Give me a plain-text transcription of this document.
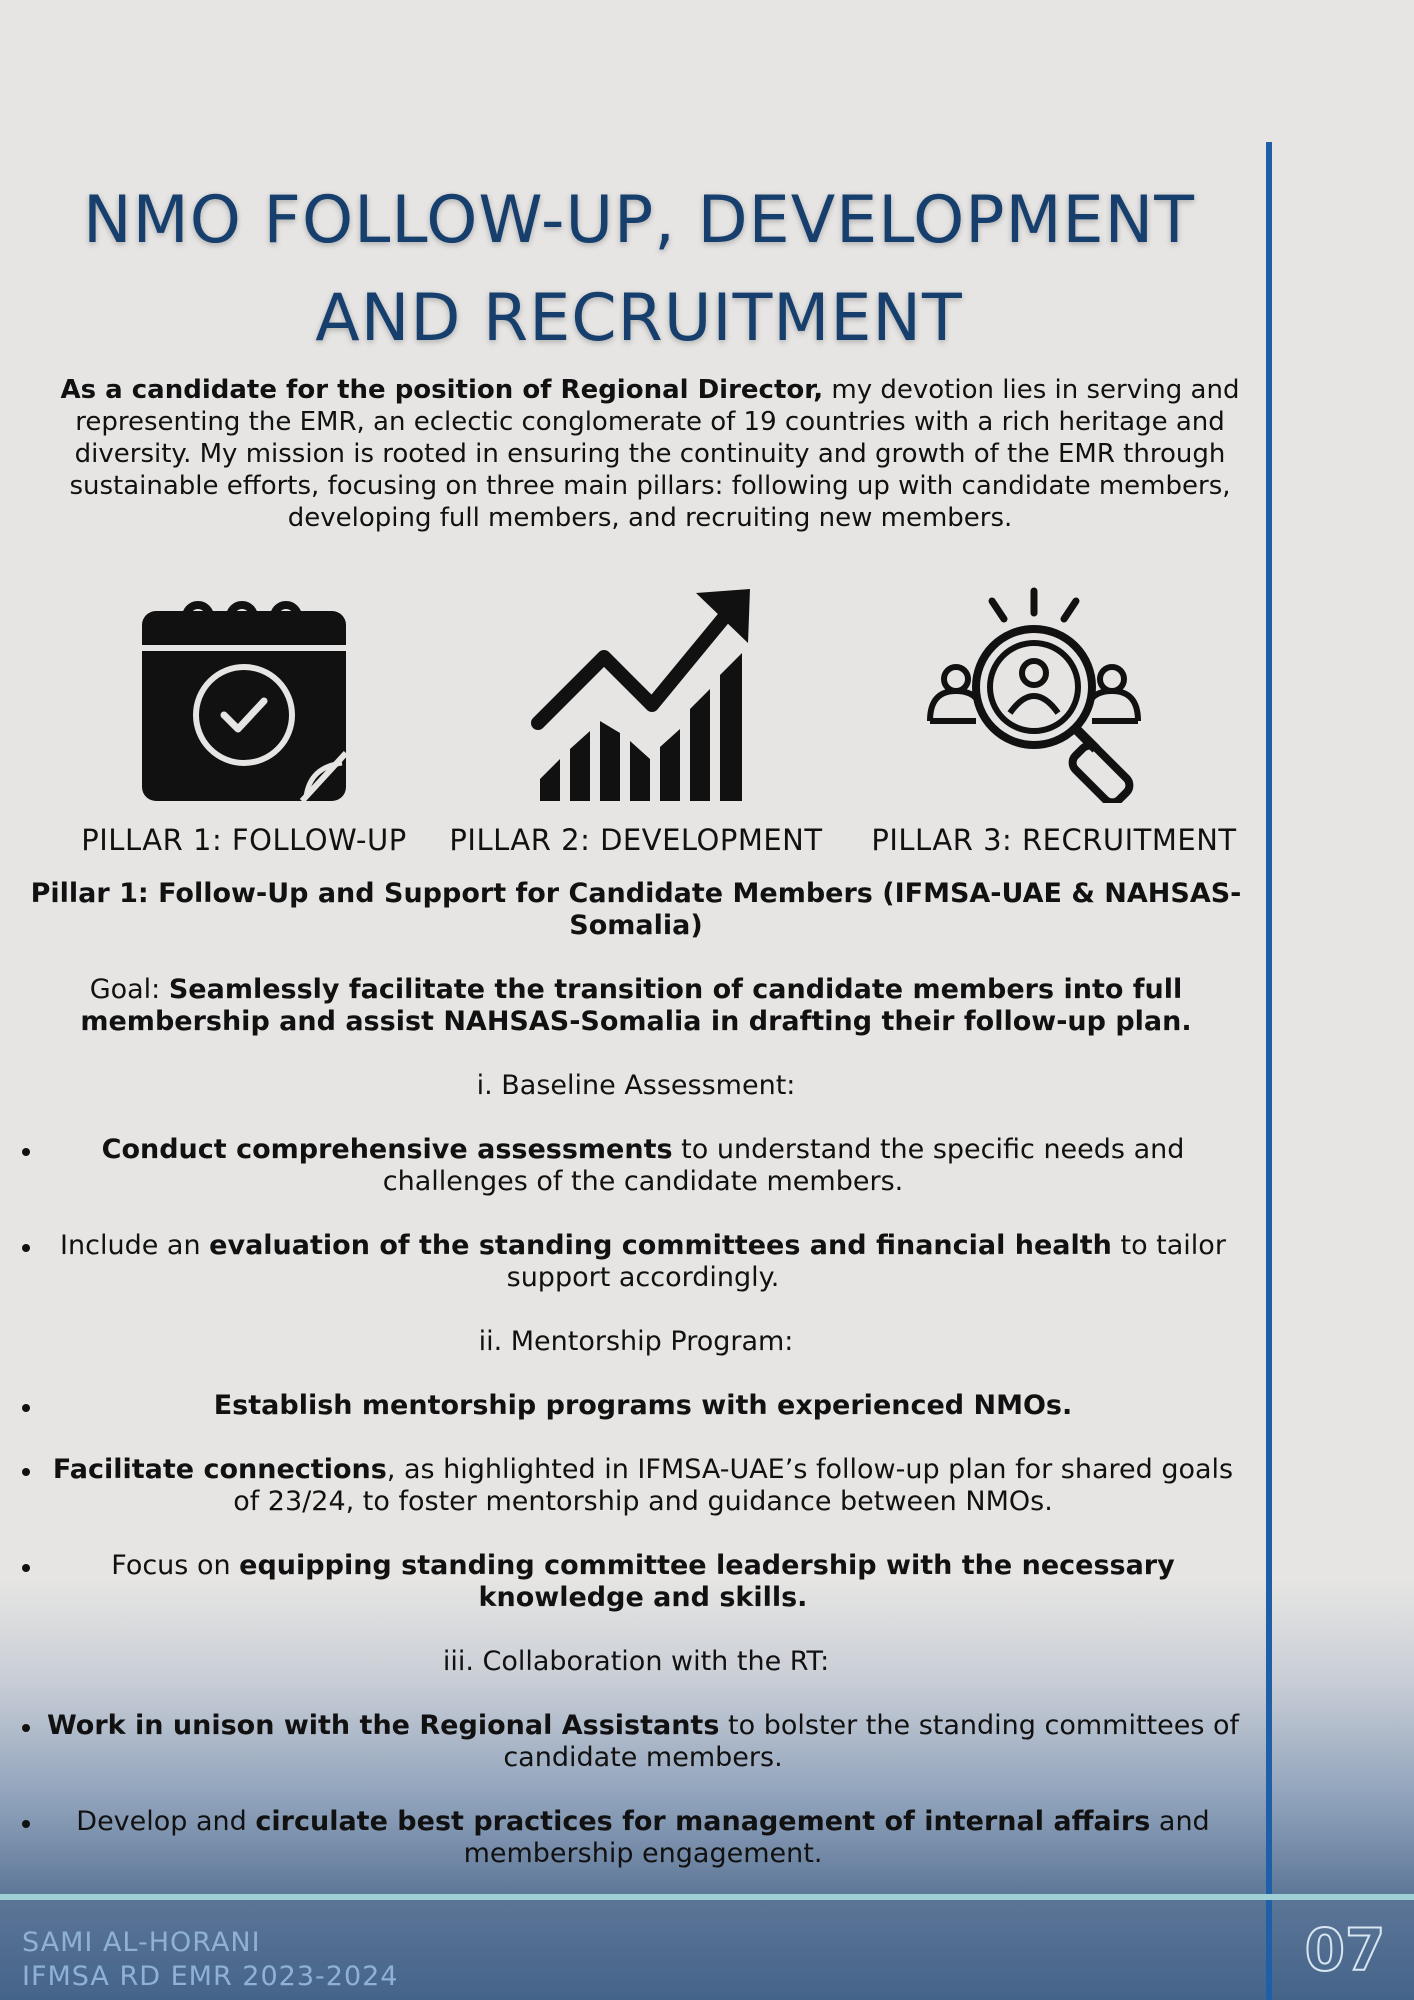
NMO FOLLOW-UP, DEVELOPMENT
AND RECRUITMENT

As a candidate for the position of Regional Director, my devotion lies in serving and representing the EMR, an eclectic conglomerate of 19 countries with a rich heritage and diversity. My mission is rooted in ensuring the continuity and growth of the EMR through sustainable efforts, focusing on three main pillars: following up with candidate members, developing full members, and recruiting new members.

PILLAR 1: FOLLOW-UP	PILLAR 2: DEVELOPMENT	PILLAR 3: RECRUITMENT

Pillar 1: Follow-Up and Support for Candidate Members (IFMSA-UAE & NAHSAS-Somalia)

Goal: Seamlessly facilitate the transition of candidate members into full membership and assist NAHSAS-Somalia in drafting their follow-up plan.

i. Baseline Assessment:

Conduct comprehensive assessments to understand the specific needs and challenges of the candidate members.
Include an evaluation of the standing committees and financial health to tailor support accordingly.

ii. Mentorship Program:

Establish mentorship programs with experienced NMOs.
Facilitate connections, as highlighted in IFMSA-UAE’s follow-up plan for shared goals of 23/24, to foster mentorship and guidance between NMOs.
Focus on equipping standing committee leadership with the necessary knowledge and skills.

iii. Collaboration with the RT:

Work in unison with the Regional Assistants to bolster the standing committees of candidate members.
Develop and circulate best practices for management of internal affairs and membership engagement.
SAMI AL-HORANI
IFMSA RD EMR 2023-2024	07
